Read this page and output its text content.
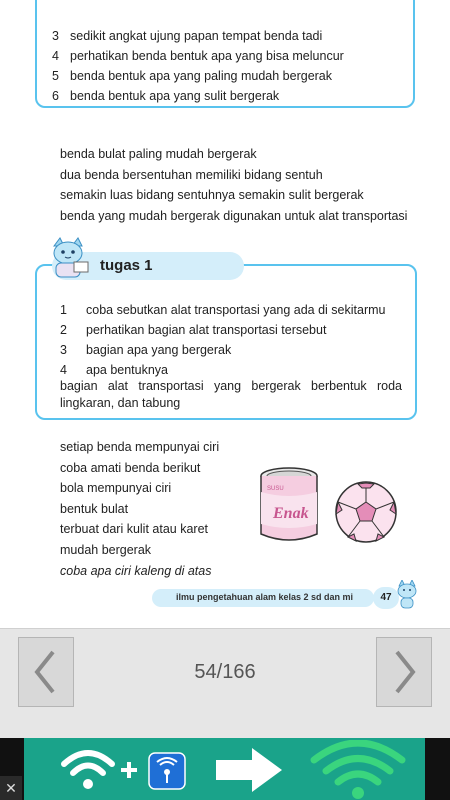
3 sedikit angkat ujung papan tempat benda tadi
4 perhatikan benda bentuk apa yang bisa meluncur
5 benda bentuk apa yang paling mudah bergerak
6 benda bentuk apa yang sulit bergerak
benda bulat paling mudah bergerak
dua benda bersentuhan memiliki bidang sentuh
semakin luas bidang sentuhnya semakin sulit bergerak
benda yang mudah bergerak digunakan untuk alat transportasi
tugas 1
1 coba sebutkan alat transportasi yang ada di sekitarmu
2 perhatikan bagian alat transportasi tersebut
3 bagian apa yang bergerak
4 apa bentuknya
bagian alat transportasi yang bergerak berbentuk roda lingkaran, dan tabung
setiap benda mempunyai ciri
coba amati benda berikut
bola mempunyai ciri
bentuk bulat
terbuat dari kulit atau karet
mudah bergerak
Enak
SUSU
coba apa ciri kaleng di atas
ilmu pengetahuan alam kelas 2 sd dan mi	47
54/166
✕
